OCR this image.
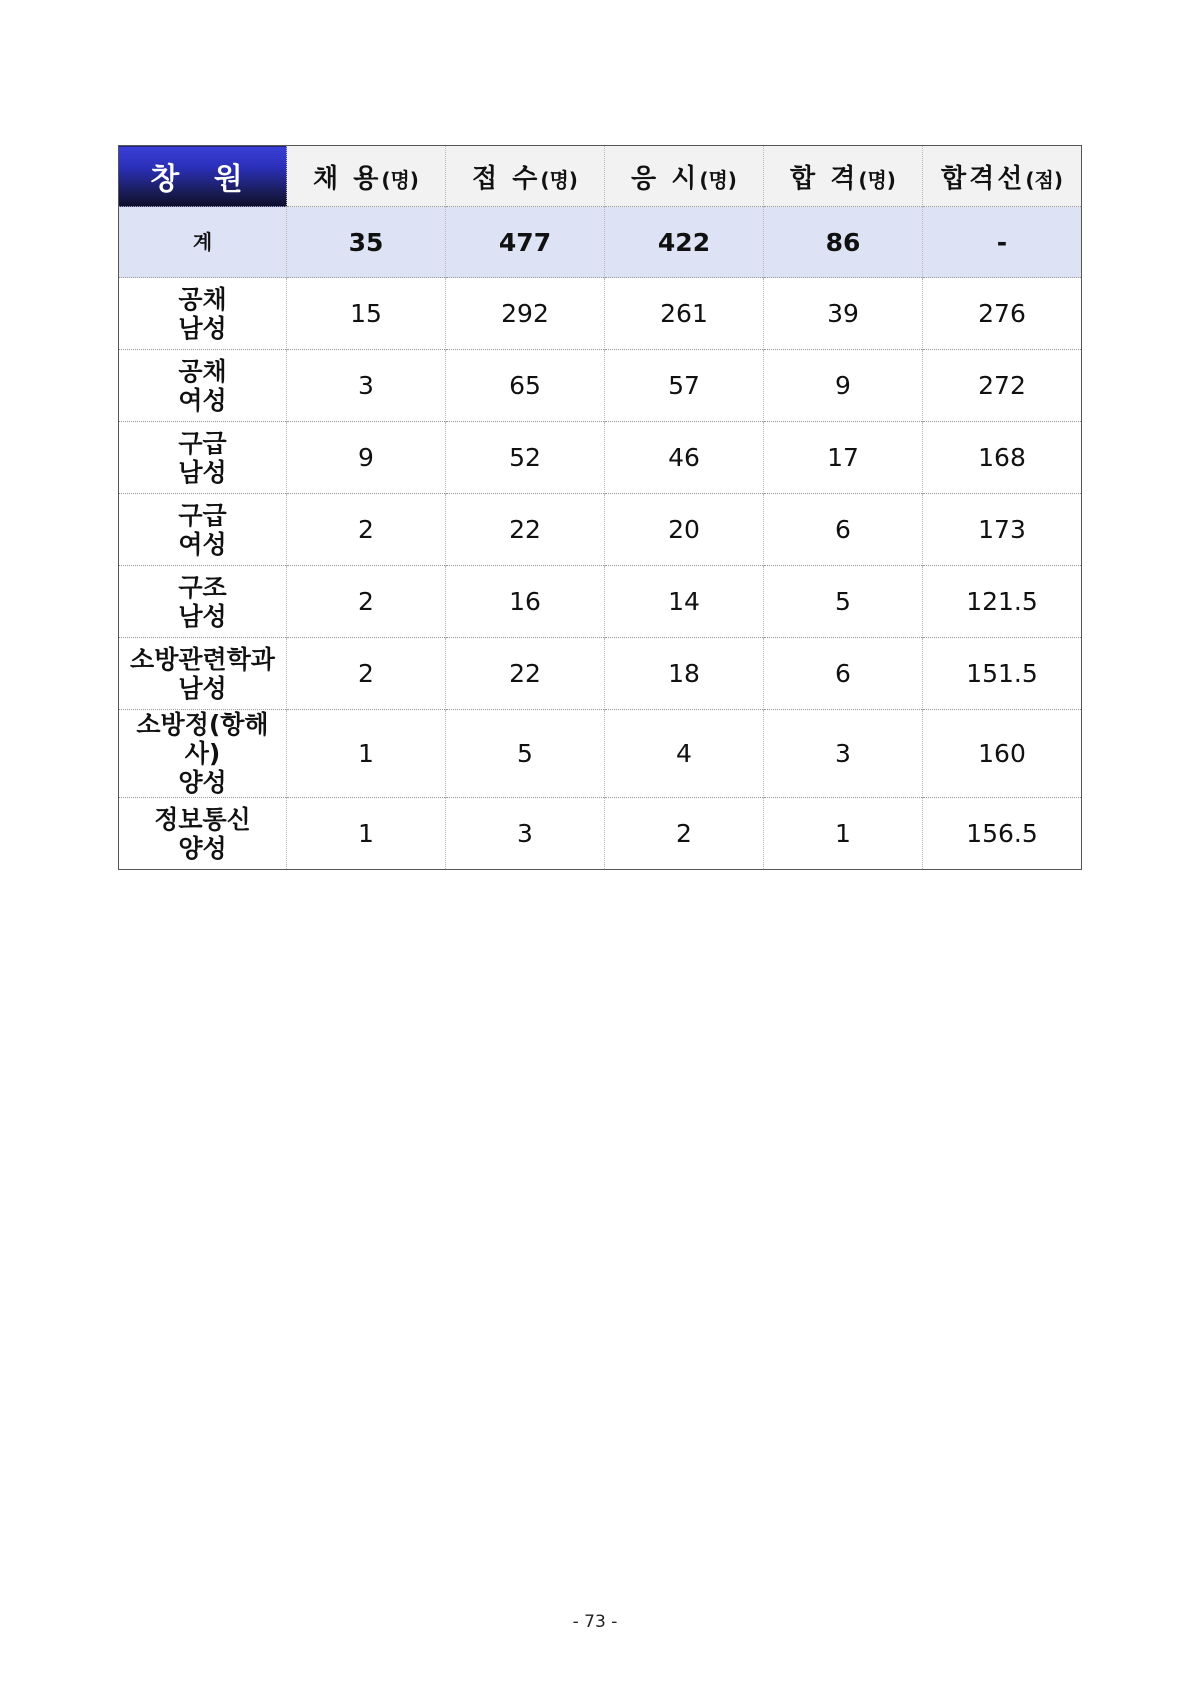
창 원	채 용(명)	접 수(명)	응 시(명)	합 격(명)	합격선(점)
계	35	477	422	86	-

공채
남성	15	292	261	39	276

공채
여성	3	65	57	9	272

구급
남성	9	52	46	17	168

구급
여성	2	22	20	6	173

구조
남성	2	16	14	5	121.5

소방관련학과
남성	2	22	18	6	151.5

소방정(항해사)
양성	1	5	4	3	160

정보통신
양성	1	3	2	1	156.5
- 73 -
